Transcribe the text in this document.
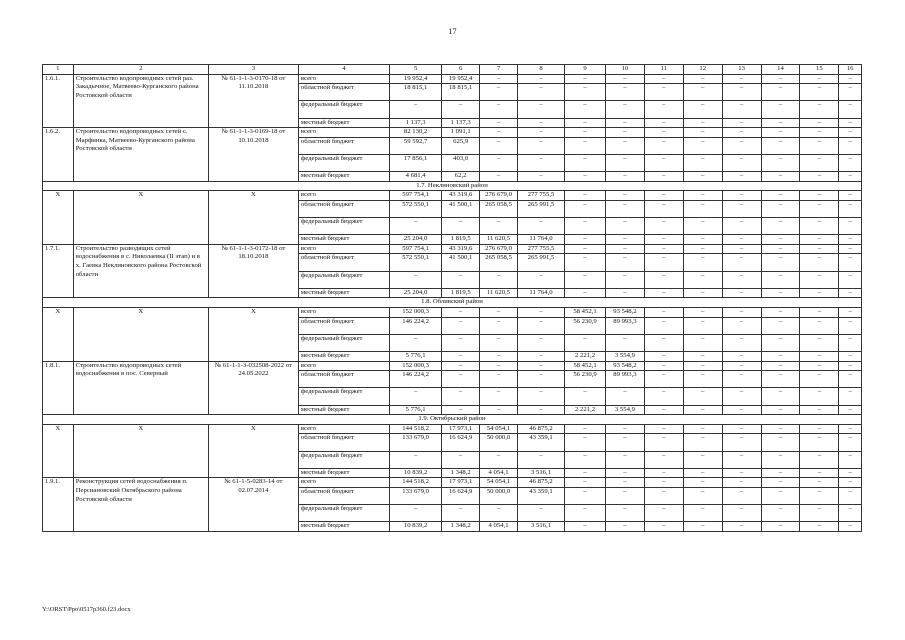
17
1	2	3	4	5	6	7	8	9	10	11	12	13	14	15	16
1.6.1.	Строительство водопроводных сетей раз. Закадычное, Матвеево-Курганского района Ростовской области	№ 61-1-1-3-0170-18 от 11.10.2018	всего	19 952,4	19 952,4	–	–	–	–	–	–	–	–	–	–
			областной бюджет	18 815,1	18 815,1	–	–	–	–	–	–	–	–	–	–
			федеральный бюджет	–	–	–	–	–	–	–	–	–	–	–	–
			местный бюджет	1 137,3	1 137,3	–	–	–	–	–	–	–	–	–	–
1.6.2.	Строительство водопроводных сетей с. Марфинка, Матвеево-Курганского района Ростовской области	№ 61-1-1-3-0169-18 от 10.10.2018	всего	82 130,2	1 091,1	–	–	–	–	–	–	–	–	–	–
			областной бюджет	59 592,7	625,9	–	–	–	–	–	–	–	–	–	–
			федеральный бюджет	17 856,1	403,0	–	–	–	–	–	–	–	–	–	–
			местный бюджет	4 681,4	62,2	–	–	–	–	–	–	–	–	–	–
1.7. Неклиновский район															
Х	Х	Х	всего	597 754,1	43 319,6	276 679,0	277 755,5	–	–	–	–	–	–	–	–
			областной бюджет	572 550,1	41 500,1	265 058,5	265 991,5	–	–	–	–	–	–	–	–
			федеральный бюджет	–	–	–	–	–	–	–	–	–	–	–	–
			местный бюджет	25 204,0	1 819,5	11 620,5	11 764,0	–	–	–	–	–	–	–	–
1.7.1.	Строительство разводящих сетей водоснабжения в с. Николаевка (II этап) и в х. Гаевка Неклиновского района Ростовской области	№ 61-1-1-3-0172-18 от 18.10.2018	всего	597 754,1	43 319,6	276 679,0	277 755,5	–	–	–	–	–	–	–	–
			областной бюджет	572 550,1	41 500,1	265 058,5	265 991,5	–	–	–	–	–	–	–	–
			федеральный бюджет	–	–	–	–	–	–	–	–	–	–	–	–
			местный бюджет	25 204,0	1 819,5	11 620,5	11 764,0	–	–	–	–	–	–	–	–
1.8. Обливский район															
Х	Х	Х	всего	152 000,3	–	–	–	58 452,1	93 548,2	–	–	–	–	–	–
			областной бюджет	146 224,2	–	–	–	56 230,9	89 993,3	–	–	–	–	–	–
			федеральный бюджет	–	–	–	–	–	–	–	–	–	–	–	–
			местный бюджет	5 776,1	–	–	–	2 221,2	3 554,9	–	–	–	–	–	–
1.8.1.	Строительство водопроводных сетей водоснабжения в пос. Северный	№ 61-1-1-3-032508-2022 от 24.05.2022	всего	152 000,3	–	–	–	58 452,1	93 548,2	–	–	–	–	–	–
			областной бюджет	146 224,2	–	–	–	56 230,9	89 993,3	–	–	–	–	–	–
			федеральный бюджет	–	–	–	–	–	–	–	–	–	–	–	–
			местный бюджет	5 776,1	–	–	–	2 221,2	3 554,9	–	–	–	–	–	–
1.9. Октябрьский район															
Х	Х	Х	всего	144 518,2	17 973,1	54 054,1	46 875,2	–	–	–	–	–	–	–	–
			областной бюджет	133 679,0	16 624,9	50 000,0	43 359,1	–	–	–	–	–	–	–	–
			федеральный бюджет	–	–	–	–	–	–	–	–	–	–	–	–
			местный бюджет	10 839,2	1 348,2	4 054,1	3 516,1	–	–	–	–	–	–	–	–
1.9.1.	Реконструкция сетей водоснабжения п. Персиановский Октябрьского района Ростовской области	№ 61-1-5-0283-14 от 02.07.2014	всего	144 518,2	17 973,1	54 054,1	46 875,2	–	–	–	–	–	–	–	–
			областной бюджет	133 679,0	16 624,9	50 000,0	43 359,1	–	–	–	–	–	–	–	–
			федеральный бюджет	–	–	–	–	–	–	–	–	–	–	–	–
			местный бюджет	10 839,2	1 348,2	4 054,1	3 516,1	–	–	–	–	–	–	–	–
Y:\ORST\Ppo\0517p360.f23.docx
